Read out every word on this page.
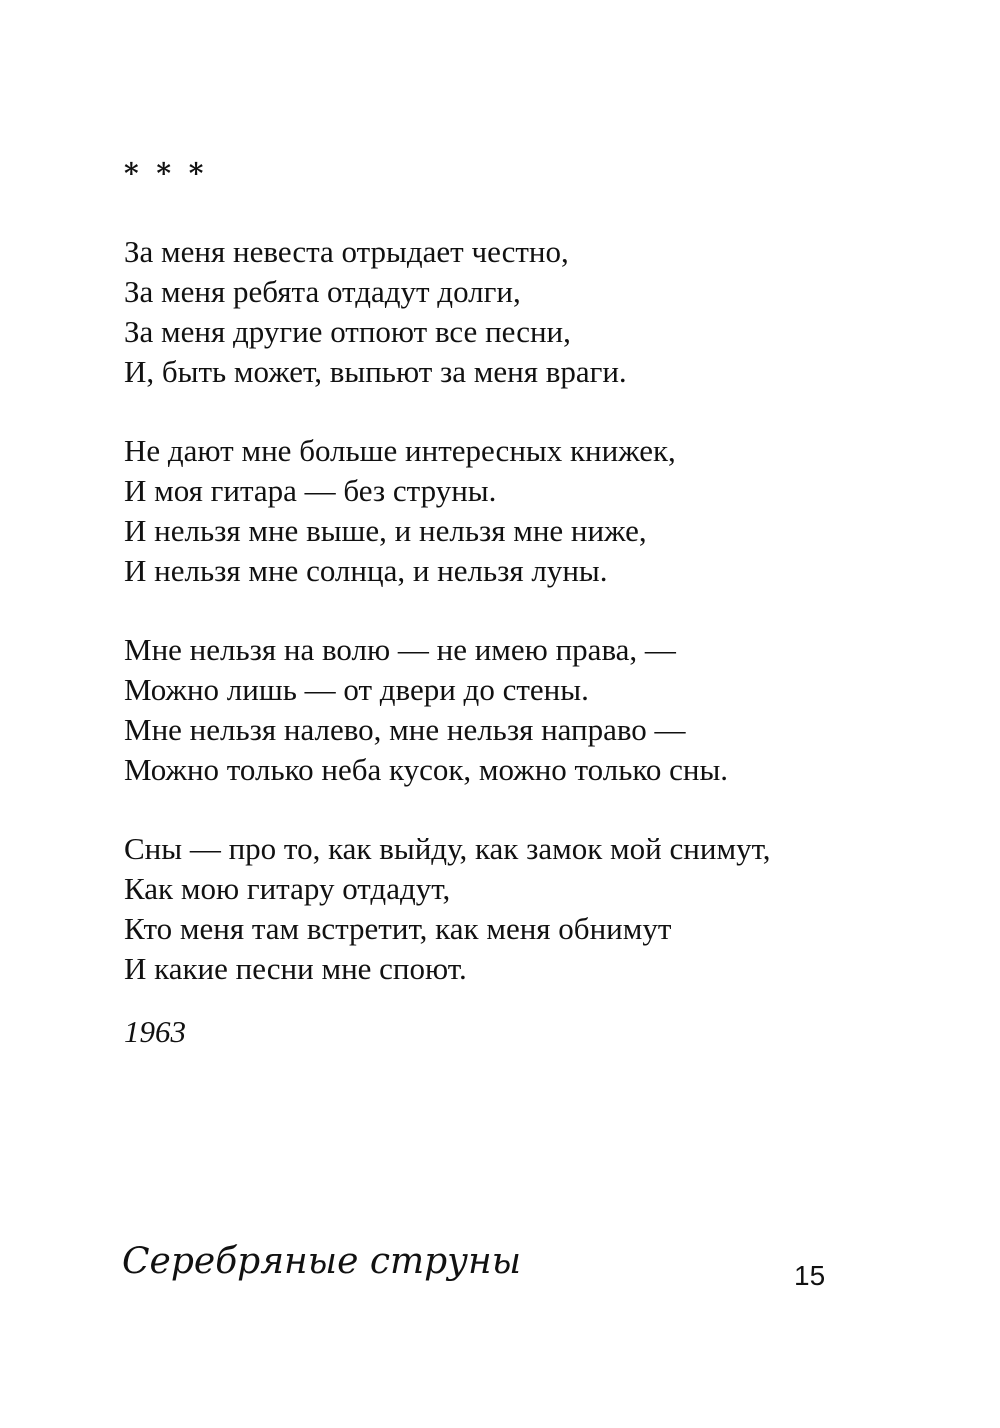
* * *
За меня невеста отрыдает честно,
За меня ребята отдадут долги,
За меня другие отпоют все песни,
И, быть может, выпьют за меня враги.
Не дают мне больше интересных книжек,
И моя гитара — без струны.
И нельзя мне выше, и нельзя мне ниже,
И нельзя мне солнца, и нельзя луны.
Мне нельзя на волю — не имею права, —
Можно лишь — от двери до стены.
Мне нельзя налево, мне нельзя направо —
Можно только неба кусок, можно только сны.
Сны — про то, как выйду, как замок мой снимут,
Как мою гитару отдадут,
Кто меня там встретит, как меня обнимут
И какие песни мне споют.
1963
Серебряные струны	15
